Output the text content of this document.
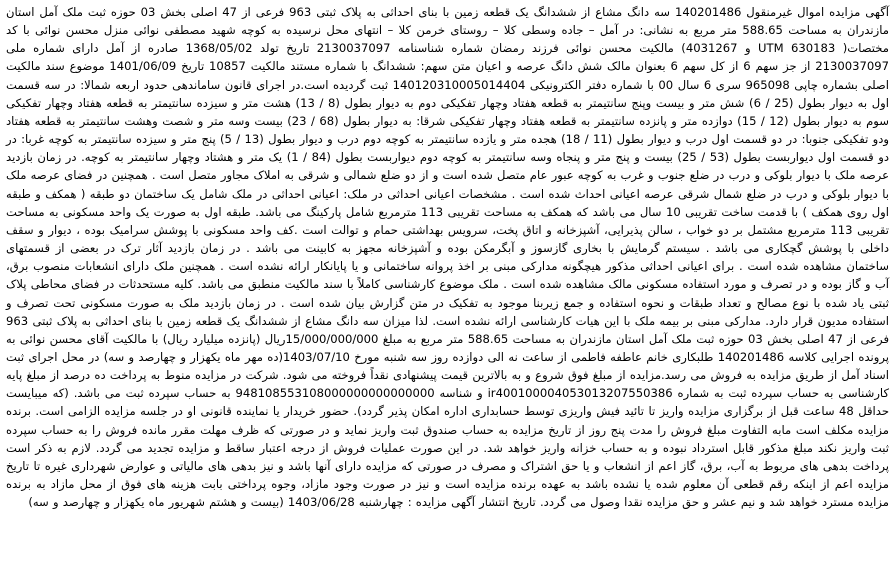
آگهی مزایده اموال غیرمنقول 140201486 سه دانگ مشاع از ششدانگ یک قطعه زمین با بنای احداثی به پلاک ثبتی 963 فرعی از 47 اصلی بخش 03 حوزه ثبت ملک آمل استان مازندران به مساحت 588.65 متر مربع به نشانی: در آمل – جاده وسطی کلا – روستای خرمن کلا – انتهای محل نرسیده به کوچه شهید مصطفی نوائی منزل محسن نوائی با کد مختصات( UTM 630183 و 4031267) مالکیت محسن نوائی فرزند رمضان شماره شناسنامه 2130037097 تاریخ تولد 1368/05/02 صادره از آمل دارای شماره ملی 2130037097 از جز سهم 6 از کل سهم 6 بعنوان مالک شش دانگ عرصه و اعیان متن سهم: ششدانگ با شماره مستند مالکیت 10857 تاریخ 1401/06/09 موضوع سند مالکیت اصلی بشماره چاپی 965098 سری 6 سال 00 با شماره دفتر الکترونیکی 140120310005014404 ثبت گردیده است.در اجرای قانون ساماندهی حدود اربعه شمالا: در سه قسمت اول به دیوار بطول (25 / 6) شش متر و بیست وپنج سانتیمتر به قطعه هفتاد وچهار تفکیکی دوم به دیوار بطول (8 / 13) هشت متر و سیزده سانتیمتر به قطعه هفتاد وچهار تفکیکی سوم به دیوار بطول (12 / 15) دوازده متر و پانزده سانتیمتر به قطعه هفتاد وچهار تفکیکی شرقا: به دیوار بطول (68 / 23) بیست وسه متر و شصت وهشت سانتیمتر به قطعه هفتاد ودو تفکیکی جنوبا: در دو قسمت اول درب و دیوار بطول (11 / 18) هجده متر و یازده سانتیمتر به کوچه دوم درب و دیوار بطول (13 / 5) پنج متر و سیزده سانتیمتر به کوچه غربا: در دو قسمت اول دیواربست بطول (53 / 25) بیست و پنج متر و پنجاه وسه سانتیمتر به کوچه دوم دیواربست بطول (84 / 1) یک متر و هشتاد وچهار سانتیمتر به کوچه. در زمان بازدید عرصه ملک با دیوار بلوکی و درب در ضلع جنوب و غرب به کوچه عبور عام متصل شده است و از دو ضلع شمالی و شرقی به املاک مجاور متصل است . همچنین در فضای عرصه ملک با دیوار بلوکی و درب در ضلع شمال شرقی عرصه اعیانی احداث شده است . مشخصات اعیانی احداثی در ملک: اعیانی احداثی در ملک شامل یک ساختمان دو طبقه ( همکف و طبقه اول روی همکف ) با قدمت ساخت تقریبی 10 سال می باشد که همکف به مساحت تقریبی 113 مترمربع شامل پارکینگ می باشد. طبقه اول به صورت یک واحد مسکونی به مساحت تقریبی 113 مترمربع مشتمل بر دو خواب ، سالن پذیرایی، آشپزخانه و اتاق پخت، سرویس بهداشتی حمام و توالت است .کف واحد مسکونی با پوشش سرامیک بوده ، دیوار و سقف داخلی با پوشش گچکاری می باشد . سیستم گرمایش با بخاری گازسوز و آبگرمکن بوده و آشپزخانه مجهز به کابینت می باشد . در زمان بازدید آثار ترک در بعضی از قسمتهای ساختمان مشاهده شده است . برای اعیانی احداثی مذکور هیچگونه مدارکی مبنی بر اخذ پروانه ساختمانی و یا پایانکار ارائه نشده است . همچنین ملک دارای انشعابات منصوب برق، آب و گاز بوده و در تصرف و مورد استفاده مسکونی مالک مشاهده شده است . ملک موضوع کارشناسی کاملاً با سند مالکیت منطبق می باشد. کلیه مستحدثات در فضای محاطی پلاک ثبتی یاد شده با نوع مصالح و تعداد طبقات و نحوه استفاده و جمع زیربنا موجود به تفکیک در متن گزارش بیان شده است . در زمان بازدید ملک به صورت مسکونی تحت تصرف و استفاده مدیون قرار دارد. مدارکی مبنی بر بیمه ملک با این هیات کارشناسی ارائه نشده است. لذا میزان سه دانگ مشاع از ششدانگ یک قطعه زمین با بنای احداثی به پلاک ثبتی 963 فرعی از 47 اصلی بخش 03 حوزه ثبت ملک آمل استان مازندران به مساحت 588.65 متر مربع به مبلغ 15/000/000/000ریال (پانزده میلیارد ریال) با مالکیت آقای محسن نوائی به پرونده اجرایی کلاسه 140201486 طلبکاری خانم عاطفه فاطمی از ساعت نه الی دوازده روز سه شنبه مورخ 1403/07/10(ده مهر ماه یکهزار و چهارصد و سه) در محل اجرای ثبت اسناد آمل از طریق مزایده به فروش می رسد.مزایده از مبلغ فوق شروع و به بالاترین قیمت پیشنهادی نقداً فروخته می شود. شرکت در مزایده منوط به پرداخت ده درصد از مبلغ پایه کارشناسی به حساب سپرده ثبت به شماره ir400100004053013207550386 و شناسه 948108553108000000000000000 به حساب سپرده ثبت می باشد. (که میبایست حداقل 48 ساعت قبل از برگزاری مزایده واریز تا تائید فیش واریزی توسط حسابداری اداره امکان پذیر گردد). حضور خریدار یا نماینده قانونی او در جلسه مزایده الزامی است. برنده مزایده مکلف است مابه التفاوت مبلغ فروش را مدت پنج روز از تاریخ مزایده به حساب صندوق ثبت واریز نماید و در صورتی که ظرف مهلت مقرر مانده فروش را به حساب سپرده ثبت واریز نکند مبلغ مذکور قابل استرداد نبوده و به حساب خزانه واریز خواهد شد. در این صورت عملیات فروش از درجه اعتبار ساقط و مزایده تجدید می گردد. لازم به ذکر است پرداخت بدهی های مربوط به آب، برق، گاز اعم از انشعاب و یا حق اشتراک و مصرف در صورتی که مزایده دارای آنها باشد و نیز بدهی های مالیاتی و عوارض شهرداری غیره تا تاریخ مزایده اعم از اینکه رقم قطعی آن معلوم شده یا نشده باشد به عهده برنده مزایده است و نیز در صورت وجود مازاد، وجوه پرداختی بابت هزینه های فوق از محل مازاد به برنده مزایده مسترد خواهد شد و نیم عشر و حق مزایده نقدا وصول می گردد. تاریخ انتشار آگهی مزایده : چهارشنبه 1403/06/28 (بیست و هشتم شهریور ماه یکهزار و چهارصد و سه)
